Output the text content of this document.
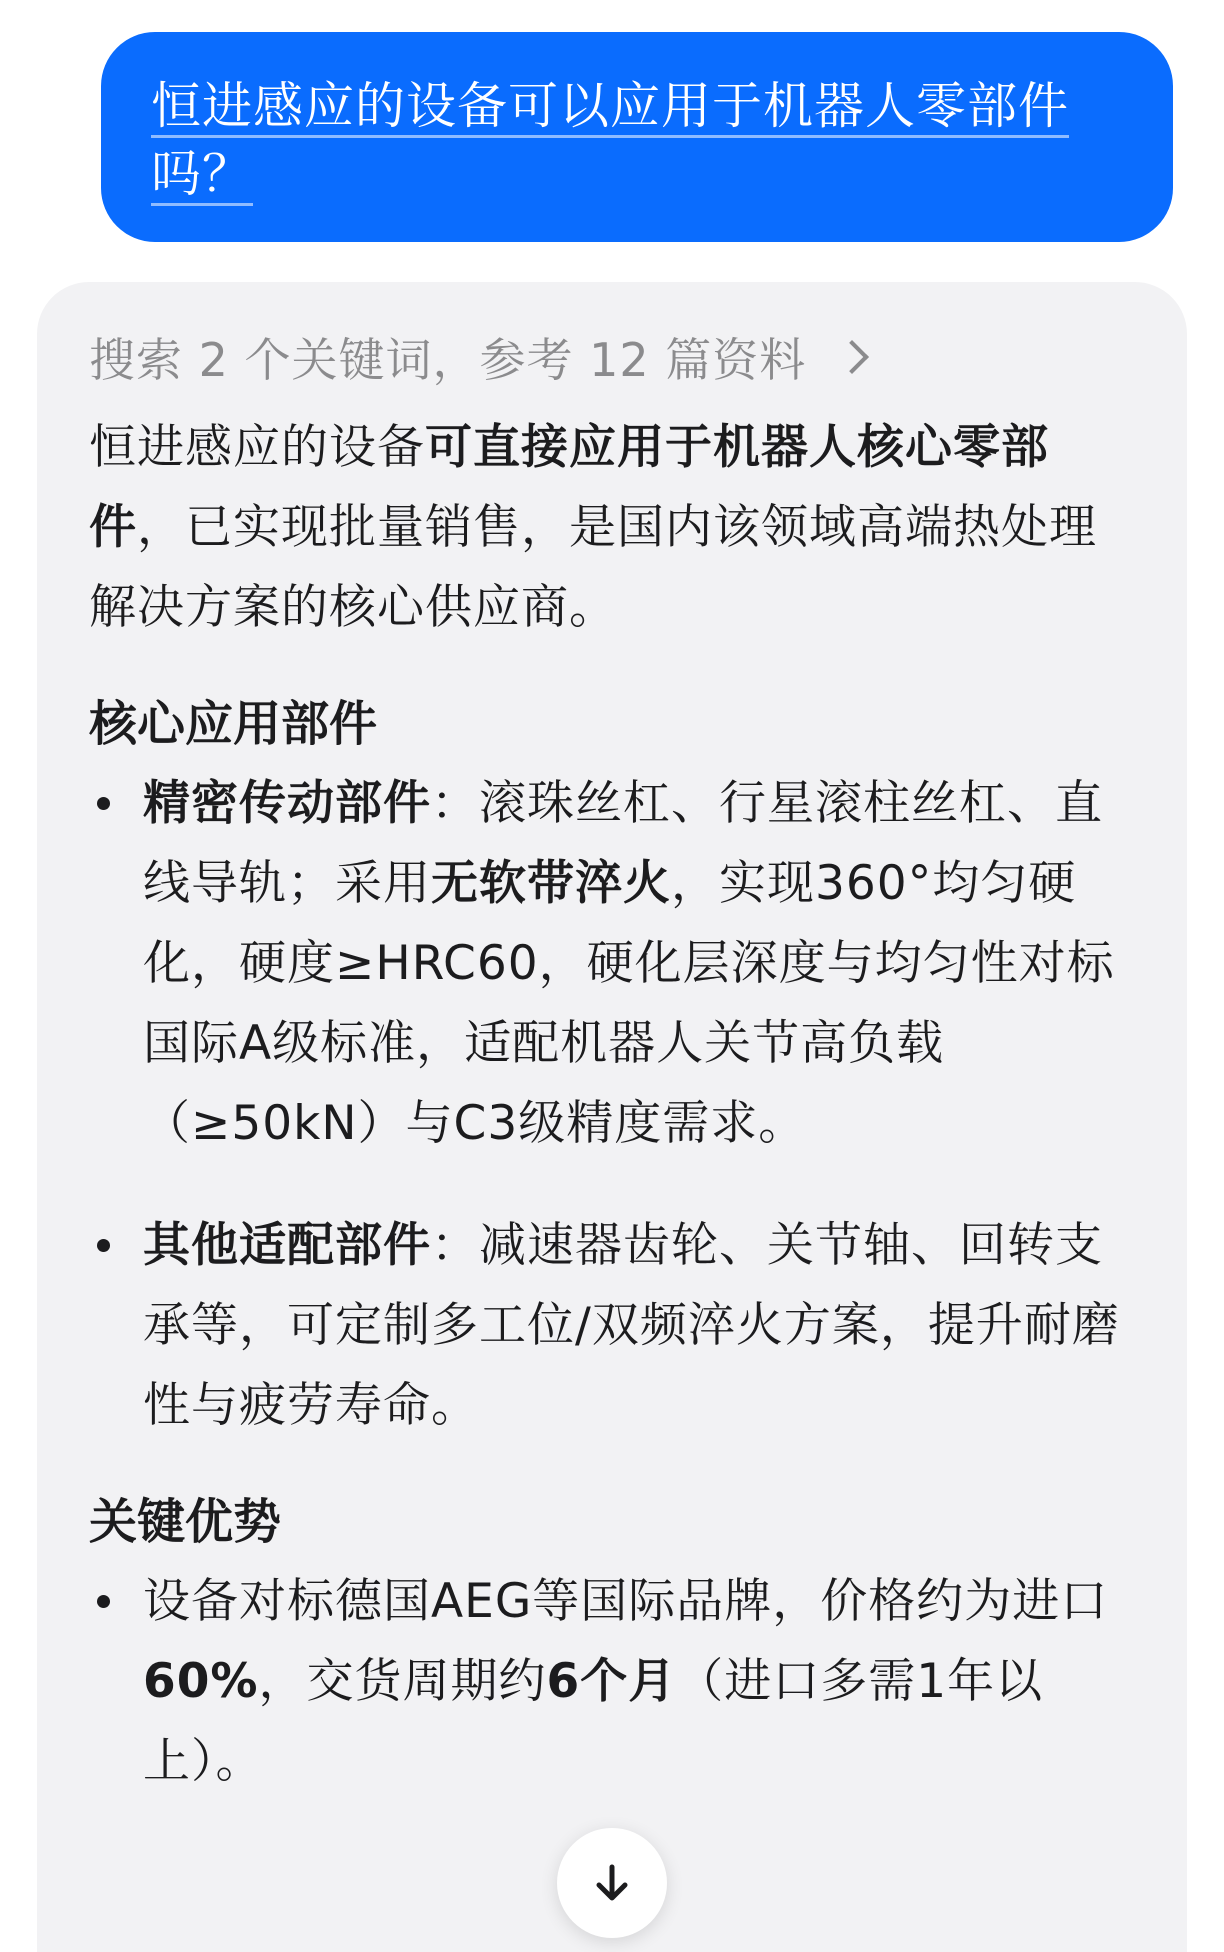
恒进感应的设备可以应用于机器人零部件吗？

搜索 2 个关键词，参考 12 篇资料

恒进感应的设备可直接应用于机器人核心零部件，已实现批量销售，是国内该领域高端热处理解决方案的核心供应商。

核心应用部件
精密传动部件：滚珠丝杠、行星滚柱丝杠、直线导轨；采用无软带淬火，实现360°均匀硬化，硬度≥HRC60，硬化层深度与均匀性对标国际A级标准，适配机器人关节高负载（≥50kN）与C3级精度需求。
其他适配部件：减速器齿轮、关节轴、回转支承等，可定制多工位/双频淬火方案，提升耐磨性与疲劳寿命。
关键优势
设备对标德国AEG等国际品牌，价格约为进口60%，交货周期约6个月（进口多需1年以上）。
